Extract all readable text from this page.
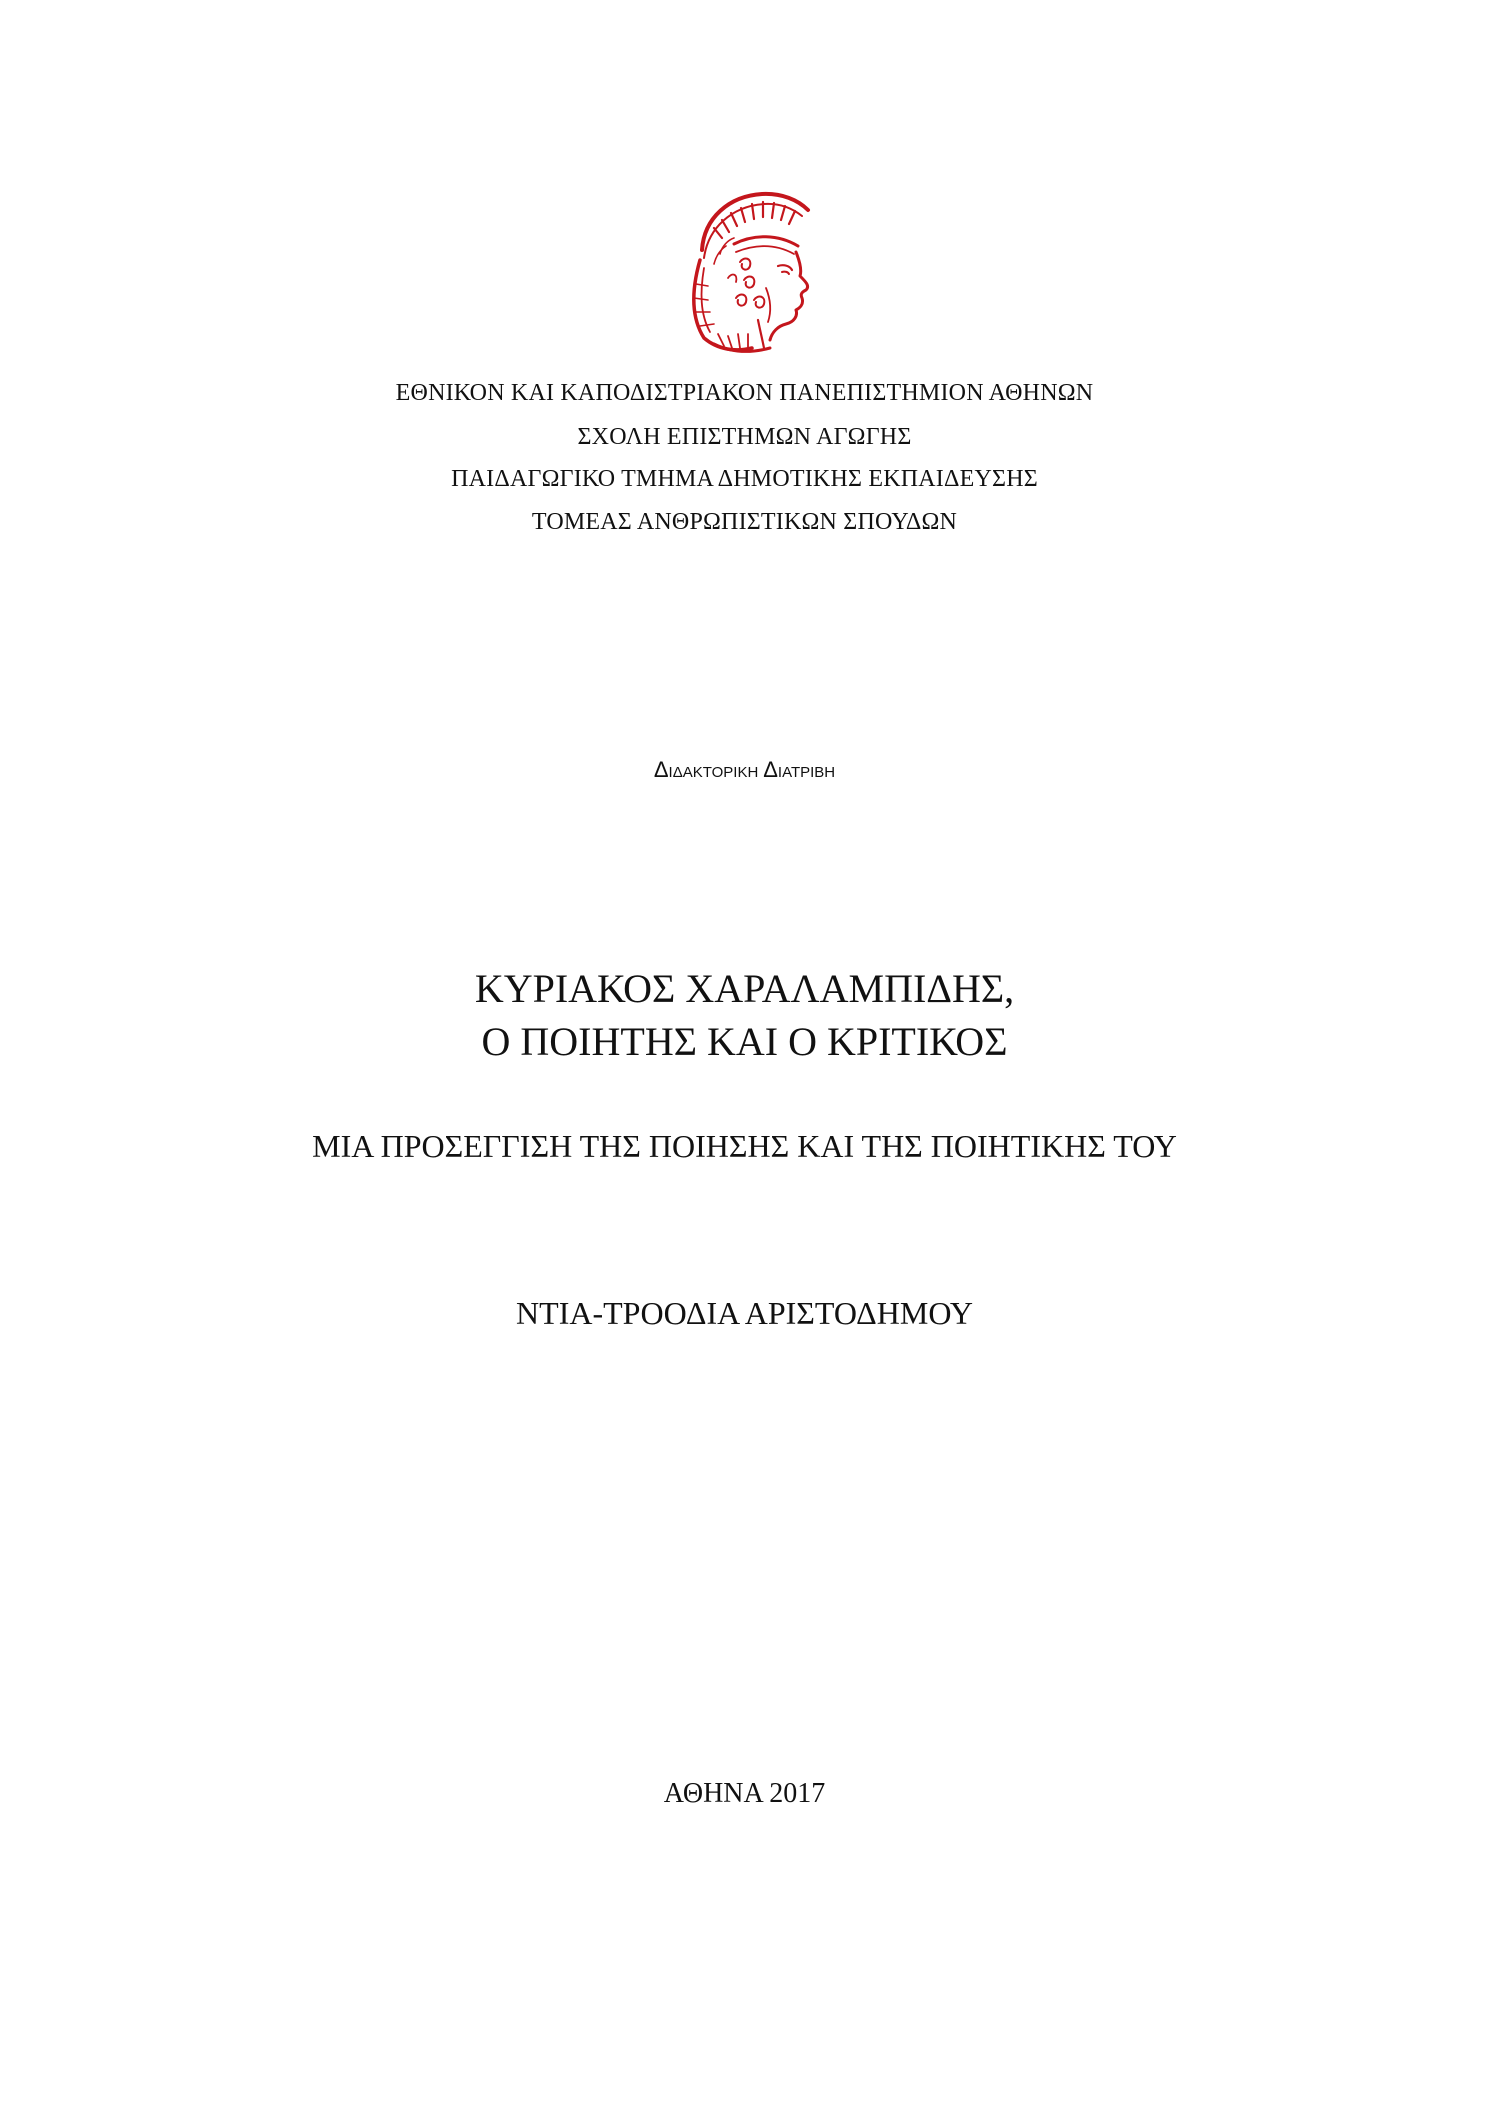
ΕΘΝΙΚΟΝ ΚΑΙ ΚΑΠΟΔΙΣΤΡΙΑΚΟΝ ΠΑΝΕΠΙΣΤΗΜΙΟΝ ΑΘΗΝΩΝ
ΣΧΟΛΗ ΕΠΙΣΤΗΜΩΝ ΑΓΩΓΗΣ
ΠΑΙΔΑΓΩΓΙΚΟ ΤΜΗΜΑ ΔΗΜΟΤΙΚΗΣ ΕΚΠΑΙΔΕΥΣΗΣ
ΤΟΜΕΑΣ ΑΝΘΡΩΠΙΣΤΙΚΩΝ ΣΠΟΥΔΩΝ
Διδακτορικη Διατριβη
ΚΥΡΙΑΚΟΣ ΧΑΡΑΛΑΜΠΙΔΗΣ,
Ο ΠΟΙΗΤΗΣ ΚΑΙ Ο ΚΡΙΤΙΚΟΣ
ΜΙΑ ΠΡΟΣΕΓΓΙΣΗ ΤΗΣ ΠΟΙΗΣΗΣ ΚΑΙ ΤΗΣ ΠΟΙΗΤΙΚΗΣ ΤΟΥ
ΝΤΙΑ-ΤΡΟΟΔΙΑ ΑΡΙΣΤΟΔΗΜΟΥ
ΑΘΗΝΑ 2017
